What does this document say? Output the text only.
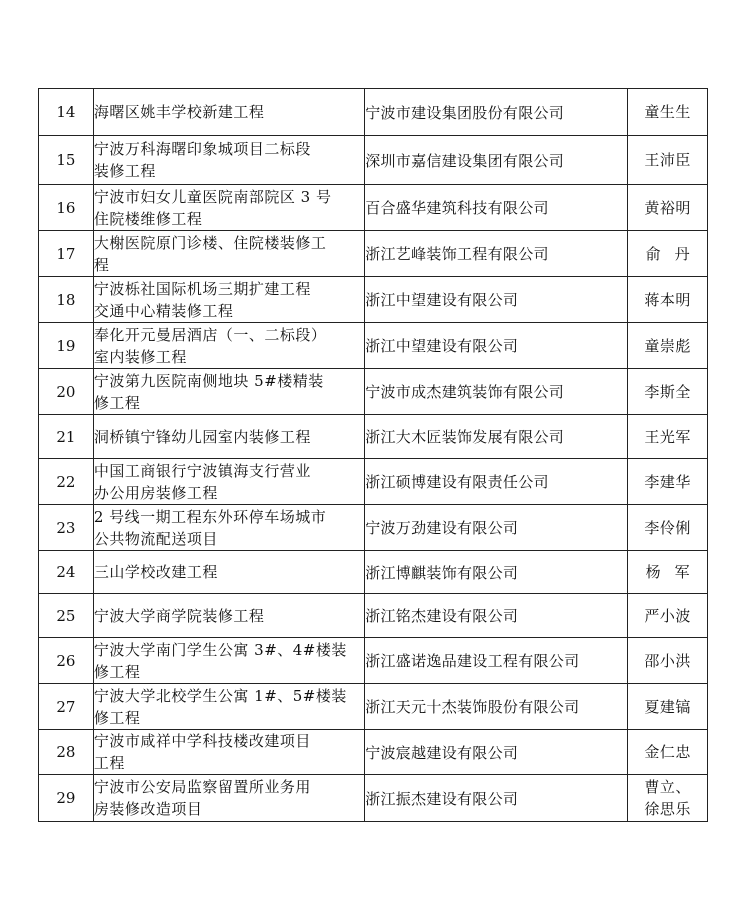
14	海曙区姚丰学校新建工程	宁波市建设集团股份有限公司	童生生

15	宁波万科海曙印象城项目二标段
装修工程	深圳市嘉信建设集团有限公司	王沛臣

16	宁波市妇女儿童医院南部院区 3 号
住院楼维修工程	百合盛华建筑科技有限公司	黄裕明

17	大榭医院原门诊楼、住院楼装修工
程	浙江艺峰装饰工程有限公司	俞丹

18	宁波栎社国际机场三期扩建工程
交通中心精装修工程	浙江中望建设有限公司	蒋本明

19	奉化开元曼居酒店（一、二标段）
室内装修工程	浙江中望建设有限公司	童崇彪

20	宁波第九医院南侧地块 5#楼精装
修工程	宁波市成杰建筑装饰有限公司	李斯全

21	洞桥镇宁锋幼儿园室内装修工程	浙江大木匠装饰发展有限公司	王光军

22	中国工商银行宁波镇海支行营业
办公用房装修工程	浙江硕博建设有限责任公司	李建华

23	2 号线一期工程东外环停车场城市
公共物流配送项目	宁波万劲建设有限公司	李伶俐

24	三山学校改建工程	浙江博麒装饰有限公司	杨军

25	宁波大学商学院装修工程	浙江铭杰建设有限公司	严小波

26	宁波大学南门学生公寓 3#、4#楼装
修工程	浙江盛诺逸品建设工程有限公司	邵小洪

27	宁波大学北校学生公寓 1#、5#楼装
修工程	浙江天元十杰装饰股份有限公司	夏建镐

28	宁波市咸祥中学科技楼改建项目
工程	宁波宸越建设有限公司	金仁忠

29	宁波市公安局监察留置所业务用
房装修改造项目	浙江振杰建设有限公司	曹立、
徐思乐
